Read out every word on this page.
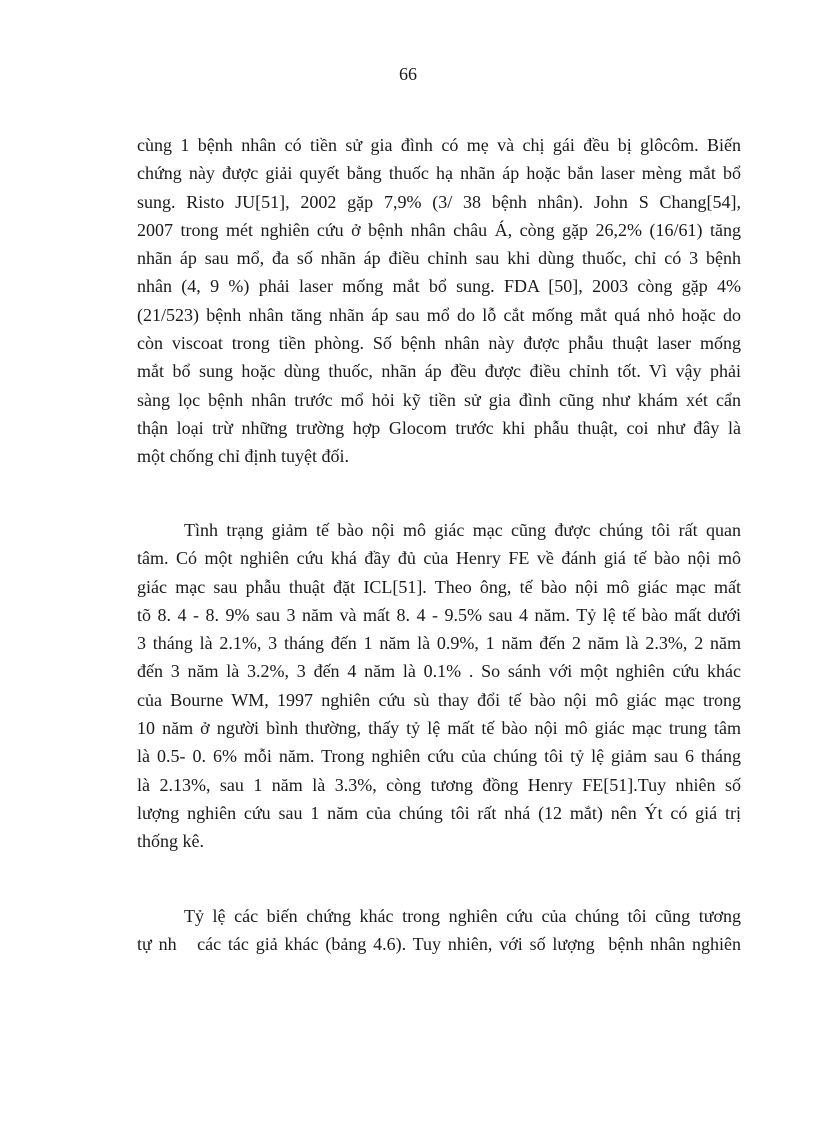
66
cùng 1 bệnh nhân có tiền sử gia đình có mẹ và chị gái đều bị glôcôm. Biến
chứng này được giải quyết bằng thuốc hạ nhãn áp hoặc bắn laser mèng mắt bổ
sung. Risto JU[51], 2002 gặp 7,9% (3/ 38 bệnh nhân). John S Chang[54],
2007 trong mét nghiên cứu ở bệnh nhân châu Á, còng gặp 26,2% (16/61) tăng
nhãn áp sau mổ, đa số nhãn áp điều chỉnh sau khi dùng thuốc, chỉ có 3 bệnh
nhân (4, 9 %) phải laser mống mắt bổ sung. FDA [50], 2003 còng gặp 4%
(21/523) bệnh nhân tăng nhãn áp sau mổ do lỗ cắt mống mắt quá nhỏ hoặc do
còn viscoat trong tiền phòng. Số bệnh nhân này được phẫu thuật laser mống
mắt bổ sung hoặc dùng thuốc, nhãn áp đều được điều chỉnh tốt. Vì vậy phải
sàng lọc bệnh nhân trước mổ hỏi kỹ tiền sử gia đình cũng như khám xét cẩn
thận loại trừ những trường hợp Glocom trước khi phẫu thuật, coi như đây là
một chống chỉ định tuyệt đối.
Tình trạng giảm tế bào nội mô giác mạc cũng được chúng tôi rất quan
tâm. Có một nghiên cứu khá đầy đủ của Henry FE về đánh giá tế bào nội mô
giác mạc sau phẫu thuật đặt ICL[51]. Theo ông, tế bào nội mô giác mạc mất
tõ 8. 4 - 8. 9% sau 3 năm và mất 8. 4 - 9.5% sau 4 năm. Tỷ lệ tế bào mất dưới
3 tháng là 2.1%, 3 tháng đến 1 năm là 0.9%, 1 năm đến 2 năm là 2.3%, 2 năm
đến 3 năm là 3.2%, 3 đến 4 năm là 0.1% . So sánh với một nghiên cứu khác
của Bourne WM, 1997 nghiên cứu sù thay đổi tế bào nội mô giác mạc trong
10 năm ở người bình thường, thấy tỷ lệ mất tế bào nội mô giác mạc trung tâm
là 0.5- 0. 6% mỗi năm. Trong nghiên cứu của chúng tôi tỷ lệ giảm sau 6 tháng
là 2.13%, sau 1 năm là 3.3%, còng tương đồng Henry FE[51].Tuy nhiên số
lượng nghiên cứu sau 1 năm của chúng tôi rất nhá (12 mắt) nên Ýt có giá trị
thống kê.
Tỷ lệ các biến chứng khác trong nghiên cứu của chúng tôi cũng tương
tự nh   các tác giả khác (bảng 4.6). Tuy nhiên, với số lượng  bệnh nhân nghiên
